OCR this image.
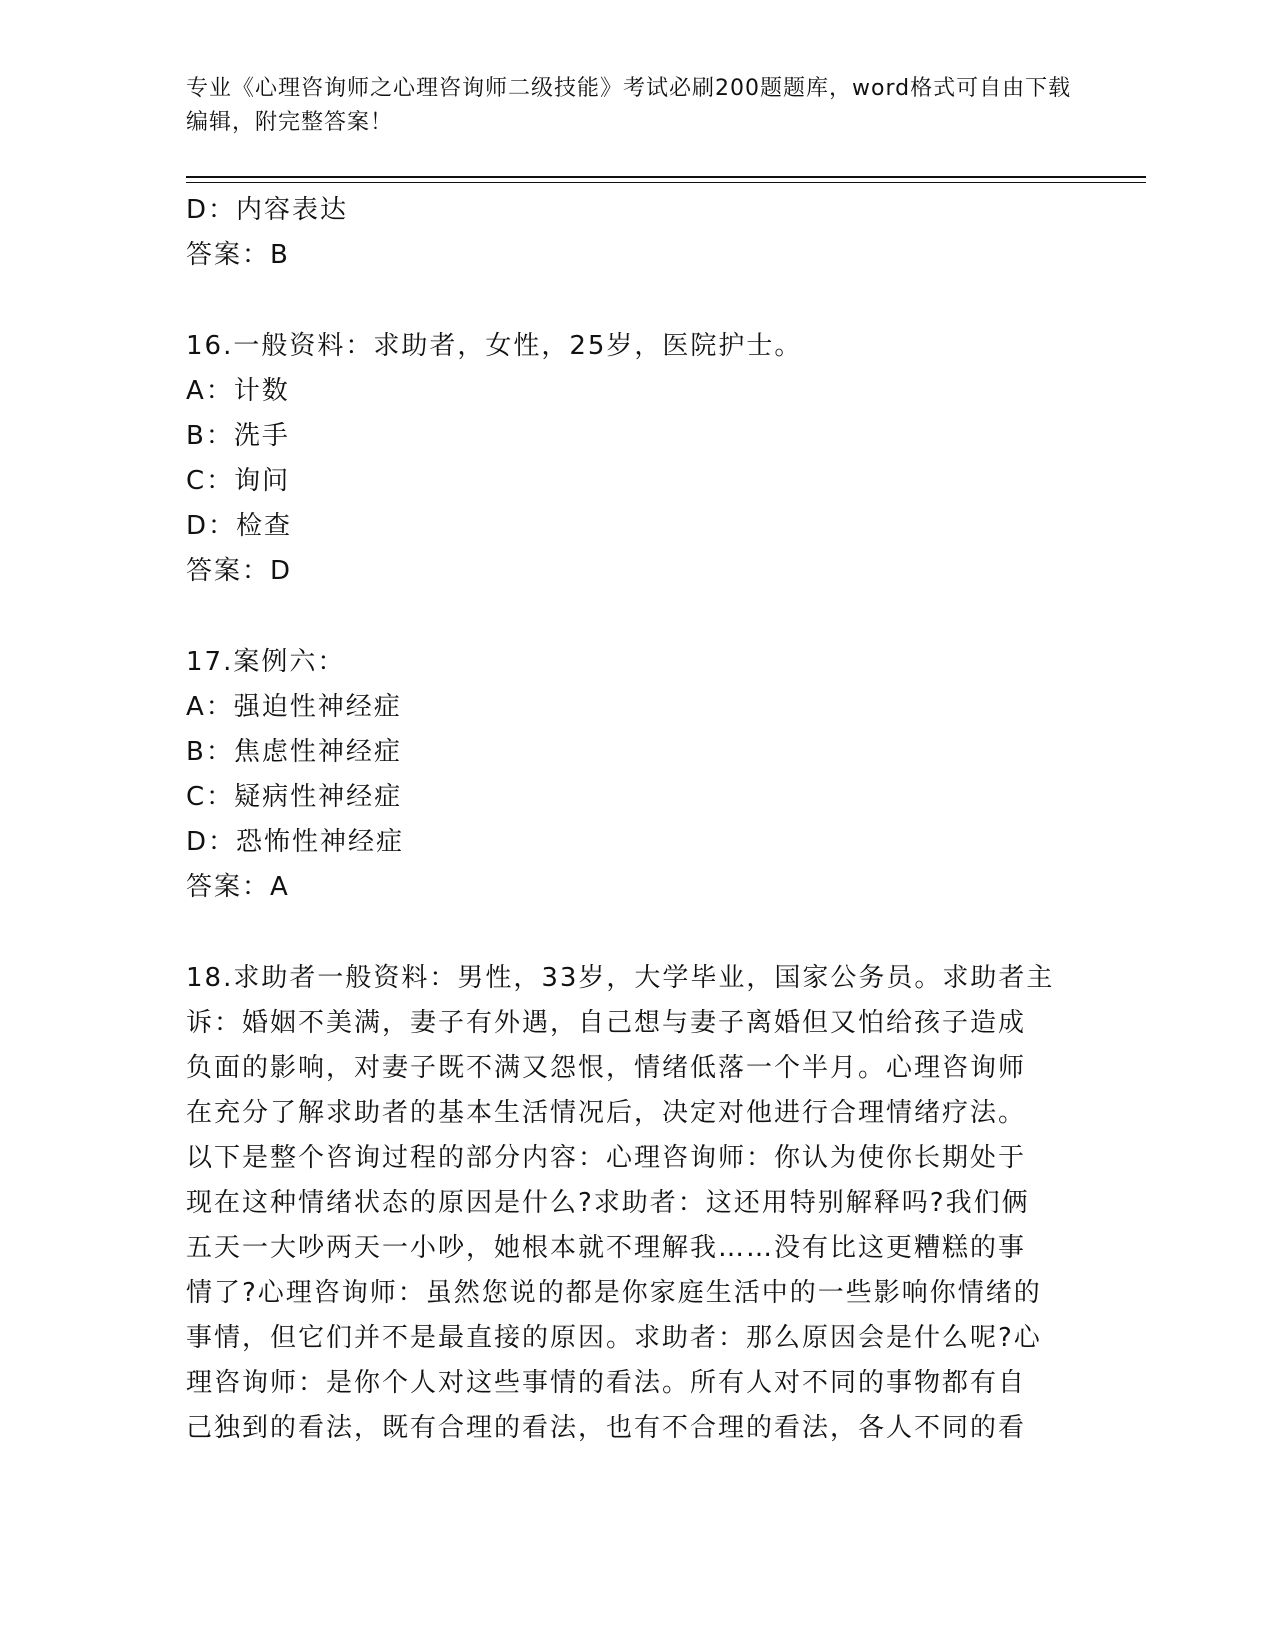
专业《心理咨询师之心理咨询师二级技能》考试必刷200题题库，word格式可自由下载编辑，附完整答案！
D：内容表达
答案：B
16.一般资料：求助者，女性，25岁，医院护士。
A：计数
B：洗手
C：询问
D：检查
答案：D
17.案例六：
A：强迫性神经症
B：焦虑性神经症
C：疑病性神经症
D：恐怖性神经症
答案：A
18.求助者一般资料：男性，33岁，大学毕业，国家公务员。求助者主
诉：婚姻不美满，妻子有外遇，自己想与妻子离婚但又怕给孩子造成
负面的影响，对妻子既不满又怨恨，情绪低落一个半月。心理咨询师
在充分了解求助者的基本生活情况后，决定对他进行合理情绪疗法。
以下是整个咨询过程的部分内容：心理咨询师：你认为使你长期处于
现在这种情绪状态的原因是什么?求助者：这还用特别解释吗?我们俩
五天一大吵两天一小吵，她根本就不理解我……没有比这更糟糕的事
情了?心理咨询师：虽然您说的都是你家庭生活中的一些影响你情绪的
事情，但它们并不是最直接的原因。求助者：那么原因会是什么呢?心
理咨询师：是你个人对这些事情的看法。所有人对不同的事物都有自
己独到的看法，既有合理的看法，也有不合理的看法，各人不同的看
